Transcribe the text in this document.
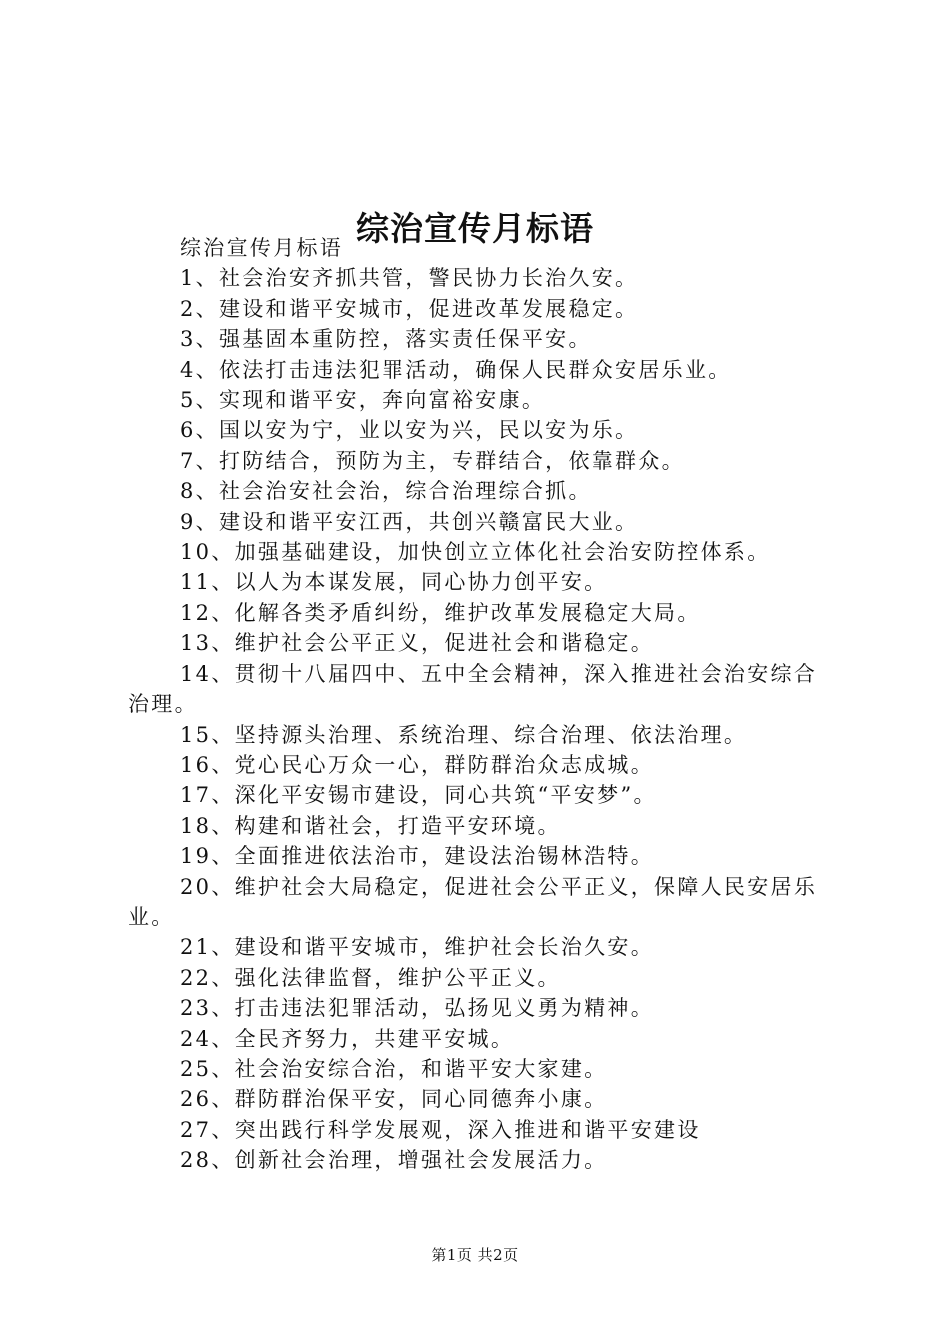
综治宣传月标语

综治宣传月标语

1、社会治安齐抓共管，警民协力长治久安。

2、建设和谐平安城市，促进改革发展稳定。

3、强基固本重防控，落实责任保平安。

4、依法打击违法犯罪活动，确保人民群众安居乐业。

5、实现和谐平安，奔向富裕安康。

6、国以安为宁，业以安为兴，民以安为乐。

7、打防结合，预防为主，专群结合，依靠群众。

8、社会治安社会治，综合治理综合抓。

9、建设和谐平安江西，共创兴赣富民大业。

10、加强基础建设，加快创立立体化社会治安防控体系。

11、以人为本谋发展，同心协力创平安。

12、化解各类矛盾纠纷，维护改革发展稳定大局。

13、维护社会公平正义，促进社会和谐稳定。

14、贯彻十八届四中、五中全会精神，深入推进社会治安综合治理。

15、坚持源头治理、系统治理、综合治理、依法治理。

16、党心民心万众一心，群防群治众志成城。

17、深化平安锡市建设，同心共筑“平安梦”。

18、构建和谐社会，打造平安环境。

19、全面推进依法治市，建设法治锡林浩特。

20、维护社会大局稳定，促进社会公平正义，保障人民安居乐业。

21、建设和谐平安城市，维护社会长治久安。

22、强化法律监督，维护公平正义。

23、打击违法犯罪活动，弘扬见义勇为精神。

24、全民齐努力，共建平安城。

25、社会治安综合治，和谐平安大家建。

26、群防群治保平安，同心同德奔小康。

27、突出践行科学发展观，深入推进和谐平安建设

28、创新社会治理，增强社会发展活力。

第1页 共2页
